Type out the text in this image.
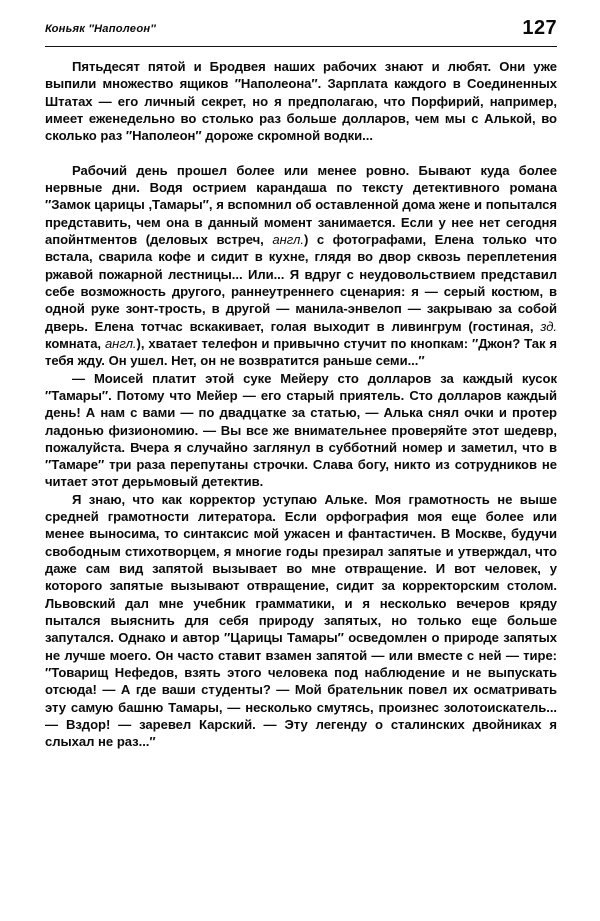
Коньяк ″Наполеон″	127

Пятьдесят пятой и Бродвея наших рабочих знают и любят. Они уже выпили множество ящиков ″Наполеона″. Зарплата каждого в Соединенных Штатах — его личный секрет, но я предполагаю, что Порфирий, например, имеет еженедельно во столько раз больше долларов, чем мы с Алькой, во сколько раз ″Наполеон″ дороже скромной водки...

Рабочий день прошел более или менее ровно. Бывают куда более нервные дни. Водя острием карандаша по тексту детективного романа ″Замок царицы ,Тамары″, я вспомнил об оставленной дома жене и попытался представить, чем она в данный момент занимается. Если у нее нет сегодня апойнтментов (деловых встреч, англ.) с фотографами, Елена только что встала, сварила кофе и сидит в кухне, глядя во двор сквозь переплетения ржавой пожарной лестницы... Или... Я вдруг с неудовольствием представил себе возможность другого, раннеутреннего сценария: я — серый костюм, в одной руке зонт-трость, в другой — манила-энвелоп — закрываю за собой дверь. Елена тотчас вскакивает, голая выходит в ливингрум (гостиная, зд. комната, англ.), хватает телефон и привычно стучит по кнопкам: ″Джон? Так я тебя жду. Он ушел. Нет, он не возвратится раньше семи...″

— Моисей платит этой суке Мейеру сто долларов за каждый кусок ″Тамары″. Потому что Мейер — его старый приятель. Сто долларов каждый день! А нам с вами — по двадцатке за статью, — Алька снял очки и протер ладонью физиономию. — Вы все же внимательнее проверяйте этот шедевр, пожалуйста. Вчера я случайно заглянул в субботний номер и заметил, что в ″Тамаре″ три раза перепутаны строчки. Слава богу, никто из сотрудников не читает этот дерьмовый детектив.

Я знаю, что как корректор уступаю Альке. Моя грамотность не выше средней грамотности литератора. Если орфография моя еще более или менее выносима, то синтаксис мой ужасен и фантастичен. В Москве, будучи свободным стихотворцем, я многие годы презирал запятые и утверждал, что даже сам вид запятой вызывает во мне отвращение. И вот человек, у которого запятые вызывают отвращение, сидит за корректорским столом. Львовский дал мне учебник грамматики, и я несколько вечеров кряду пытался выяснить для себя природу запятых, но только еще больше запутался. Однако и автор ″Царицы Тамары″ осведомлен о природе запятых не лучше моего. Он часто ставит взамен запятой — или вместе с ней — тире: ″Товарищ Нефедов, взять этого человека под наблюдение и не выпускать отсюда! — А где ваши студенты? — Мой брательник повел их осматривать эту самую башню Тамары, — несколько смутясь, произнес золотоискатель... — Вздор! — заревел Карский. — Эту легенду о сталинских двойниках я слыхал не раз...″
